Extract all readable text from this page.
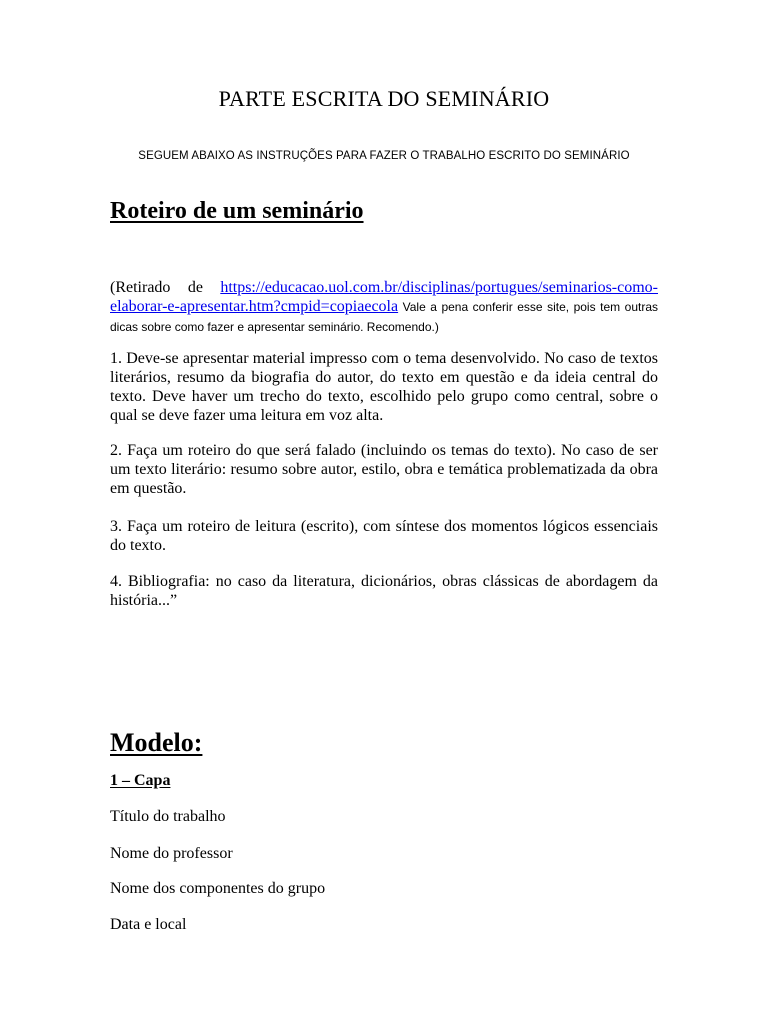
PARTE ESCRITA DO SEMINÁRIO
SEGUEM ABAIXO AS INSTRUÇÕES PARA FAZER O TRABALHO ESCRITO DO SEMINÁRIO
Roteiro de um seminário

(Retirado de https://educacao.uol.com.br/disciplinas/portugues/seminarios-como-elaborar-e-apresentar.htm?cmpid=copiaecola Vale a pena conferir esse site, pois tem outras dicas sobre como fazer e apresentar seminário. Recomendo.)

1. Deve-se apresentar material impresso com o tema desenvolvido. No caso de textos literários, resumo da biografia do autor, do texto em questão e da ideia central do texto. Deve haver um trecho do texto, escolhido pelo grupo como central, sobre o qual se deve fazer uma leitura em voz alta.

2. Faça um roteiro do que será falado (incluindo os temas do texto). No caso de ser um texto literário: resumo sobre autor, estilo, obra e temática problematizada da obra em questão.

3. Faça um roteiro de leitura (escrito), com síntese dos momentos lógicos essenciais do texto.

4. Bibliografia: no caso da literatura, dicionários, obras clássicas de abordagem da história...”

Modelo:
1 – Capa
Título do trabalho
Nome do professor
Nome dos componentes do grupo
Data e local
